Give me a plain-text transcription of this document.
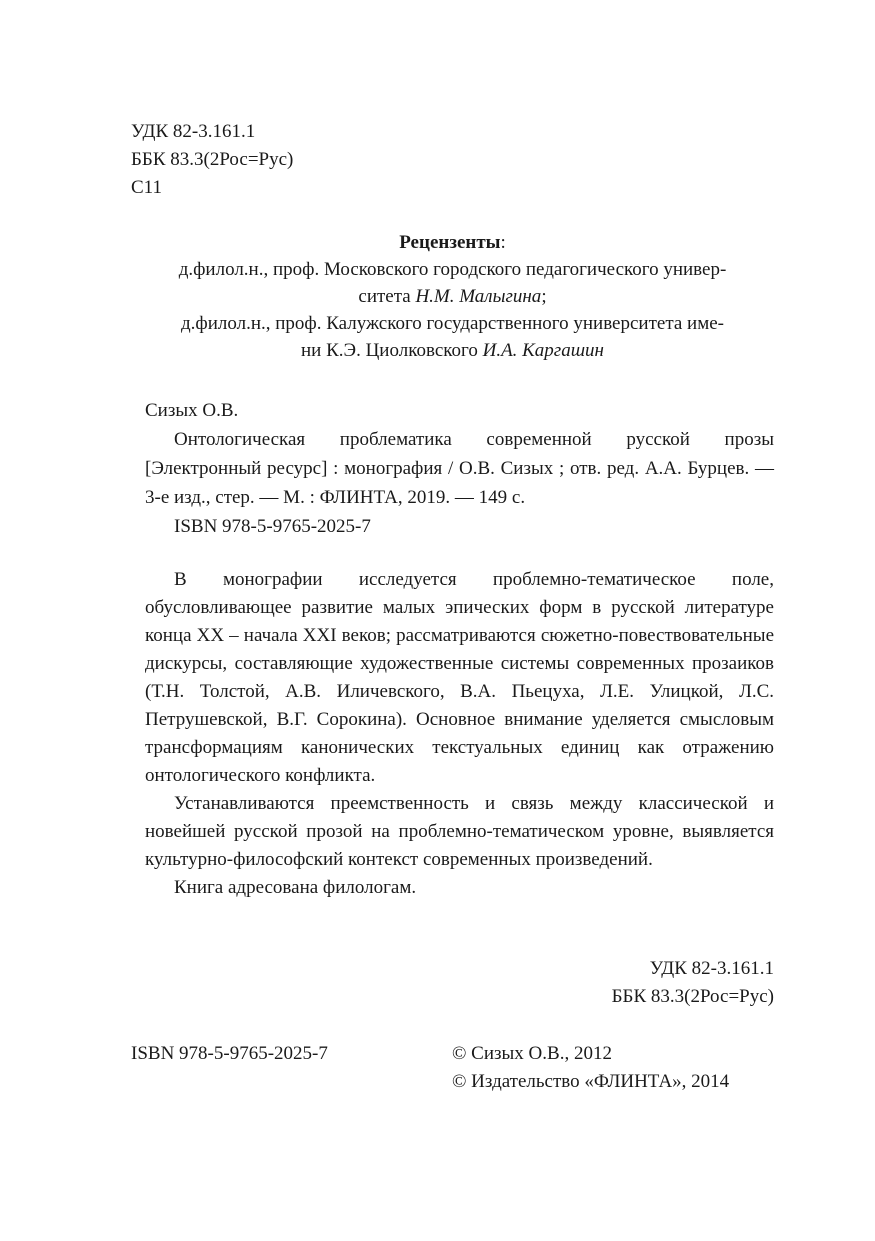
УДК 82-3.161.1
ББК 83.3(2Рос=Рус)
С11
Рецензенты:
д.филол.н., проф. Московского городского педагогического универ-
ситета Н.М. Малыгина;
д.филол.н., проф. Калужского государственного университета име-
ни К.Э. Циолковского И.А. Каргашин
Сизых О.В.
Онтологическая проблематика современной русской прозы [Электронный ресурс] : монография / О.В. Сизых ; отв. ред. А.А. Бурцев. — 3-е изд., стер. — М. : ФЛИНТА, 2019. — 149 с.
ISBN 978-5-9765-2025-7

В монографии исследуется проблемно-тематическое поле, обусловливающее развитие малых эпических форм в русской литературе конца XX – начала XXI веков; рассматриваются сюжетно-повествовательные дискурсы, составляющие художественные системы современных прозаиков (Т.Н. Толстой, А.В. Иличевского, В.А. Пьецуха, Л.Е. Улицкой, Л.С. Петрушевской, В.Г. Сорокина). Основное внимание уделяется смысловым трансформациям канонических текстуальных единиц как отражению онтологического конфликта.

Устанавливаются преемственность и связь между классической и новейшей русской прозой на проблемно-тематическом уровне, выявляется культурно-философский контекст современных произведений.

Книга адресована филологам.

УДК 82-3.161.1
ББК 83.3(2Рос=Рус)
ISBN 978-5-9765-2025-7	© Сизых О.В., 2012
© Издательство «ФЛИНТА», 2014
